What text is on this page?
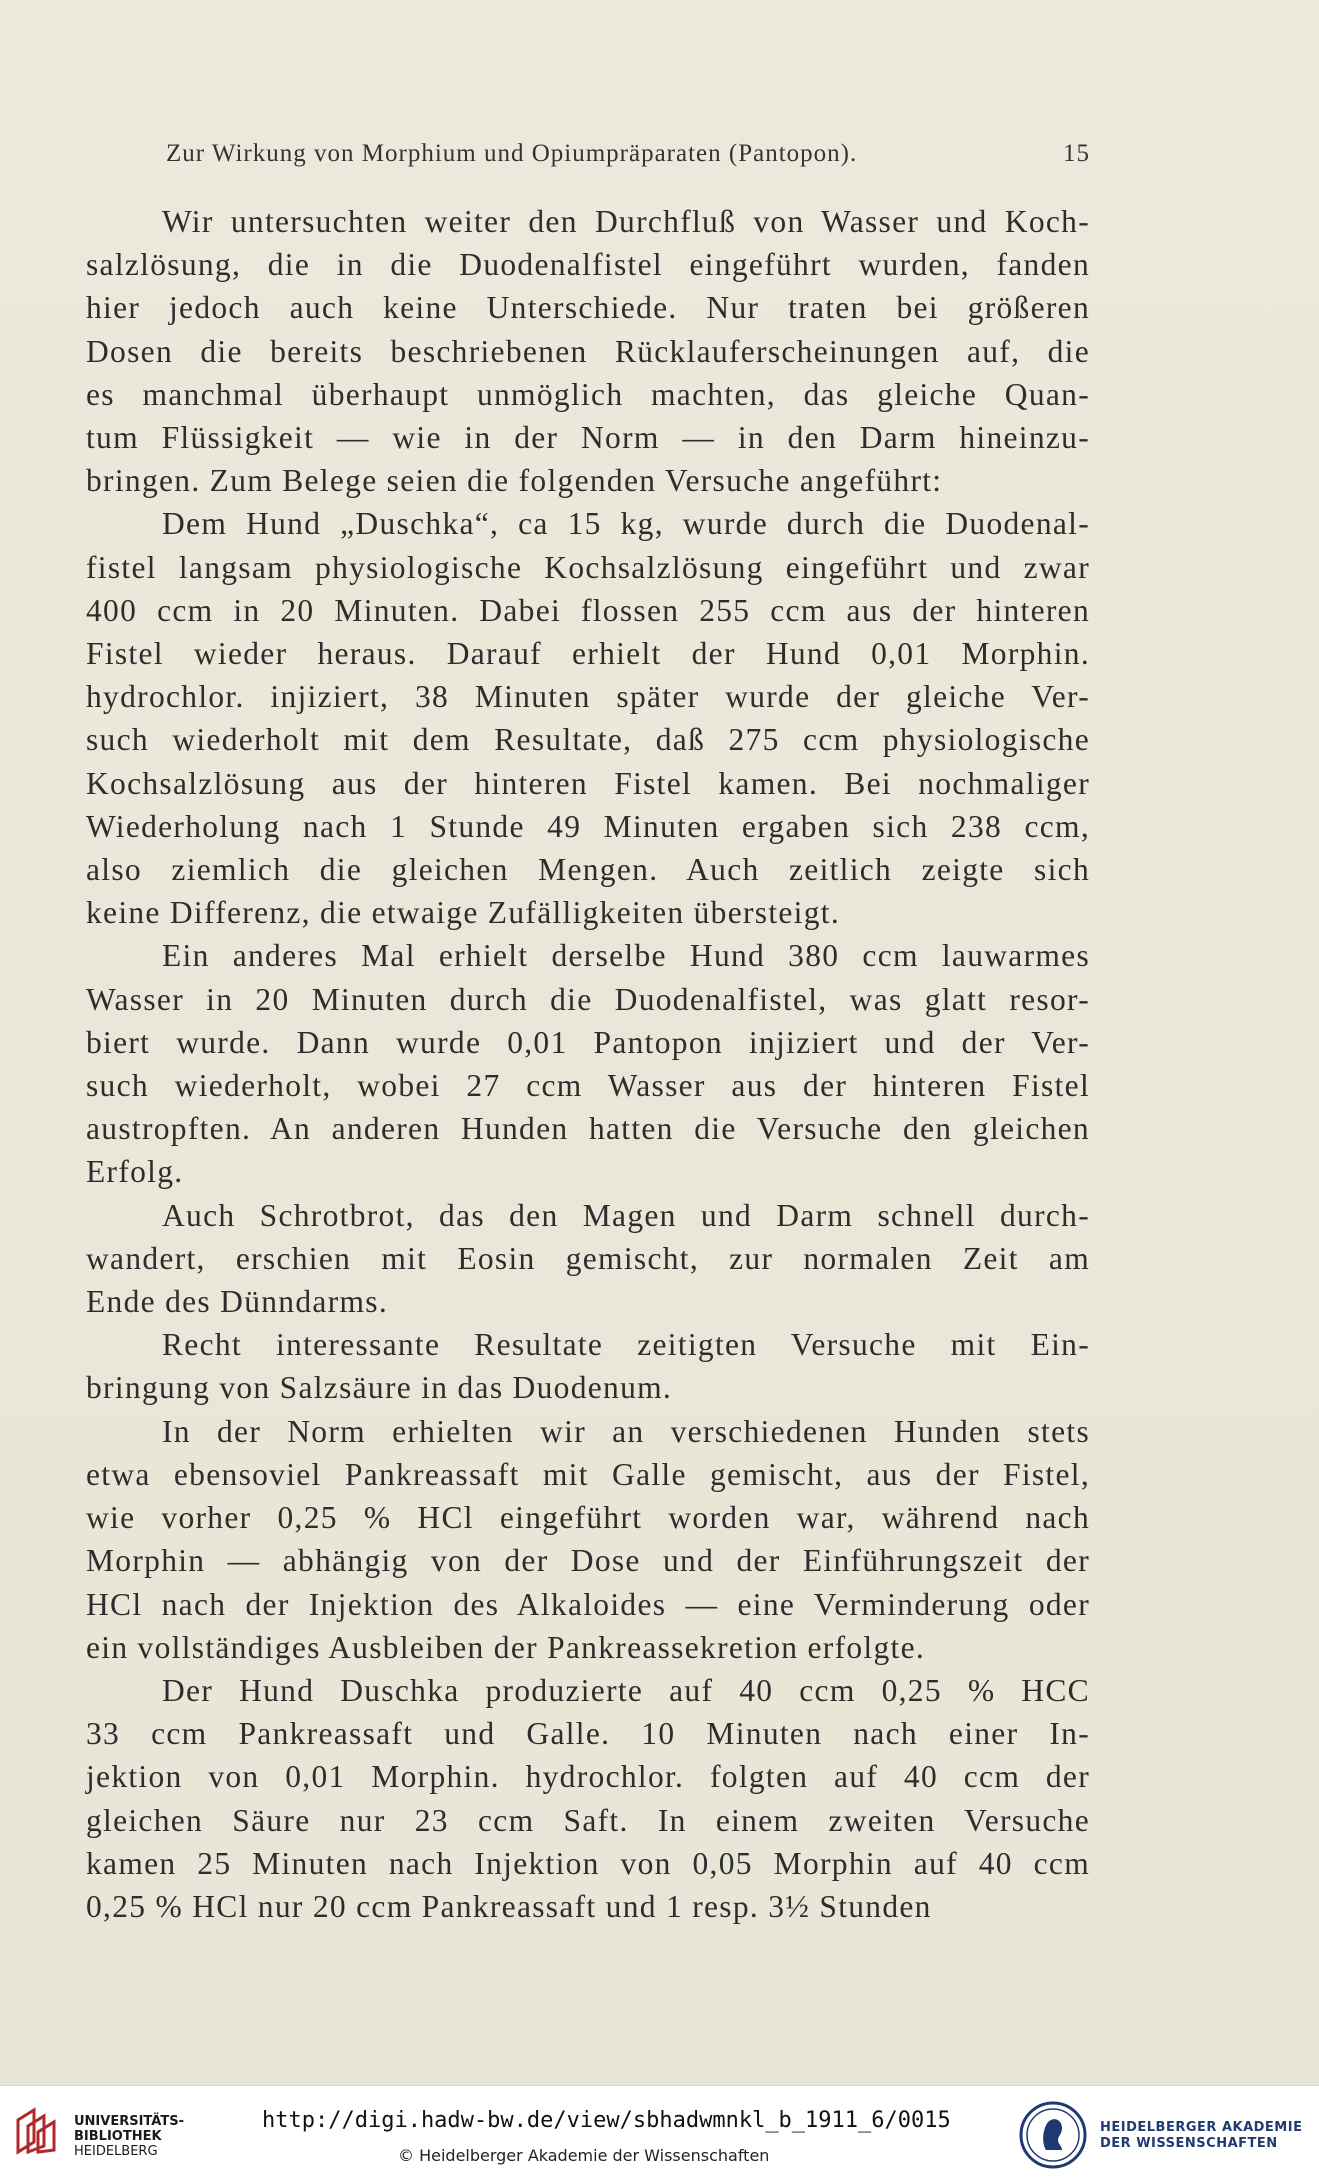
Zur Wirkung von Morphium und Opiumpräparaten (Pantopon).	15

Wir untersuchten weiter den Durchfluß von Wasser und Koch-
salzlösung, die in die Duodenalfistel eingeführt wurden, fanden
hier jedoch auch keine Unterschiede. Nur traten bei größeren
Dosen die bereits beschriebenen Rücklauferscheinungen auf, die
es manchmal überhaupt unmöglich machten, das gleiche Quan-
tum Flüssigkeit — wie in der Norm — in den Darm hineinzu-
bringen. Zum Belege seien die folgenden Versuche angeführt:

Dem Hund „Duschka“, ca 15 kg, wurde durch die Duodenal-
fistel langsam physiologische Kochsalzlösung eingeführt und zwar
400 ccm in 20 Minuten. Dabei flossen 255 ccm aus der hinteren
Fistel wieder heraus. Darauf erhielt der Hund 0,01 Morphin.
hydrochlor. injiziert, 38 Minuten später wurde der gleiche Ver-
such wiederholt mit dem Resultate, daß 275 ccm physiologische
Kochsalzlösung aus der hinteren Fistel kamen. Bei nochmaliger
Wiederholung nach 1 Stunde 49 Minuten ergaben sich 238 ccm,
also ziemlich die gleichen Mengen. Auch zeitlich zeigte sich
keine Differenz, die etwaige Zufälligkeiten übersteigt.

Ein anderes Mal erhielt derselbe Hund 380 ccm lauwarmes
Wasser in 20 Minuten durch die Duodenalfistel, was glatt resor-
biert wurde. Dann wurde 0,01 Pantopon injiziert und der Ver-
such wiederholt, wobei 27 ccm Wasser aus der hinteren Fistel
austropften. An anderen Hunden hatten die Versuche den gleichen
Erfolg.

Auch Schrotbrot, das den Magen und Darm schnell durch-
wandert, erschien mit Eosin gemischt, zur normalen Zeit am
Ende des Dünndarms.

Recht interessante Resultate zeitigten Versuche mit Ein-
bringung von Salzsäure in das Duodenum.

In der Norm erhielten wir an verschiedenen Hunden stets
etwa ebensoviel Pankreassaft mit Galle gemischt, aus der Fistel,
wie vorher 0,25 % HCl eingeführt worden war, während nach
Morphin — abhängig von der Dose und der Einführungszeit der
HCl nach der Injektion des Alkaloides — eine Verminderung oder
ein vollständiges Ausbleiben der Pankreassekretion erfolgte.

Der Hund Duschka produzierte auf 40 ccm 0,25 % HCC
33 ccm Pankreassaft und Galle. 10 Minuten nach einer In-
jektion von 0,01 Morphin. hydrochlor. folgten auf 40 ccm der
gleichen Säure nur 23 ccm Saft. In einem zweiten Versuche
kamen 25 Minuten nach Injektion von 0,05 Morphin auf 40 ccm
0,25 % HCl nur 20 ccm Pankreassaft und 1 resp. 3½ Stunden

UNIVERSITÄTS-
BIBLIOTHEK
HEIDELBERG
http://digi.hadw-bw.de/view/sbhadwmnkl_b_1911_6/0015
© Heidelberger Akademie der Wissenschaften
HEIDELBERGER AKADEMIE
DER WISSENSCHAFTEN
